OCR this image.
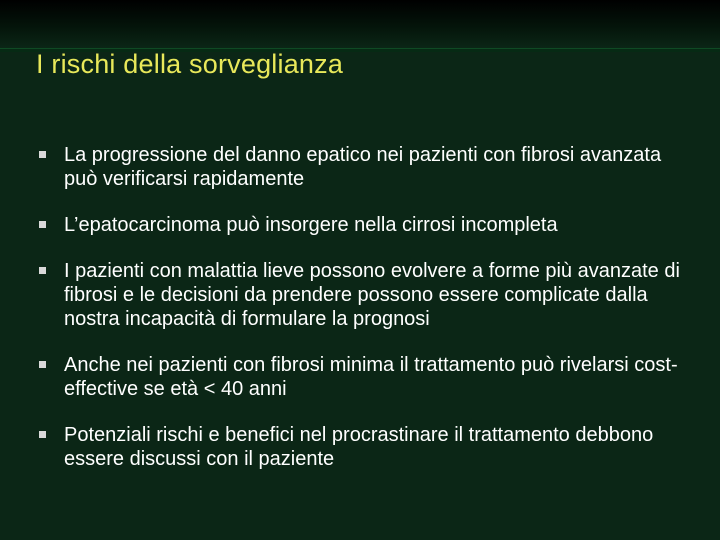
I rischi della sorveglianza
La progressione del danno epatico nei pazienti con fibrosi avanzata può verificarsi rapidamente
L’epatocarcinoma può insorgere nella cirrosi incompleta
I pazienti con malattia lieve possono evolvere a forme più avanzate di fibrosi e le decisioni da prendere possono essere complicate dalla nostra incapacità di formulare la prognosi
Anche nei pazienti con fibrosi minima il trattamento può rivelarsi cost-effective se età < 40 anni
Potenziali rischi e benefici nel procrastinare il trattamento debbono essere discussi con il paziente
